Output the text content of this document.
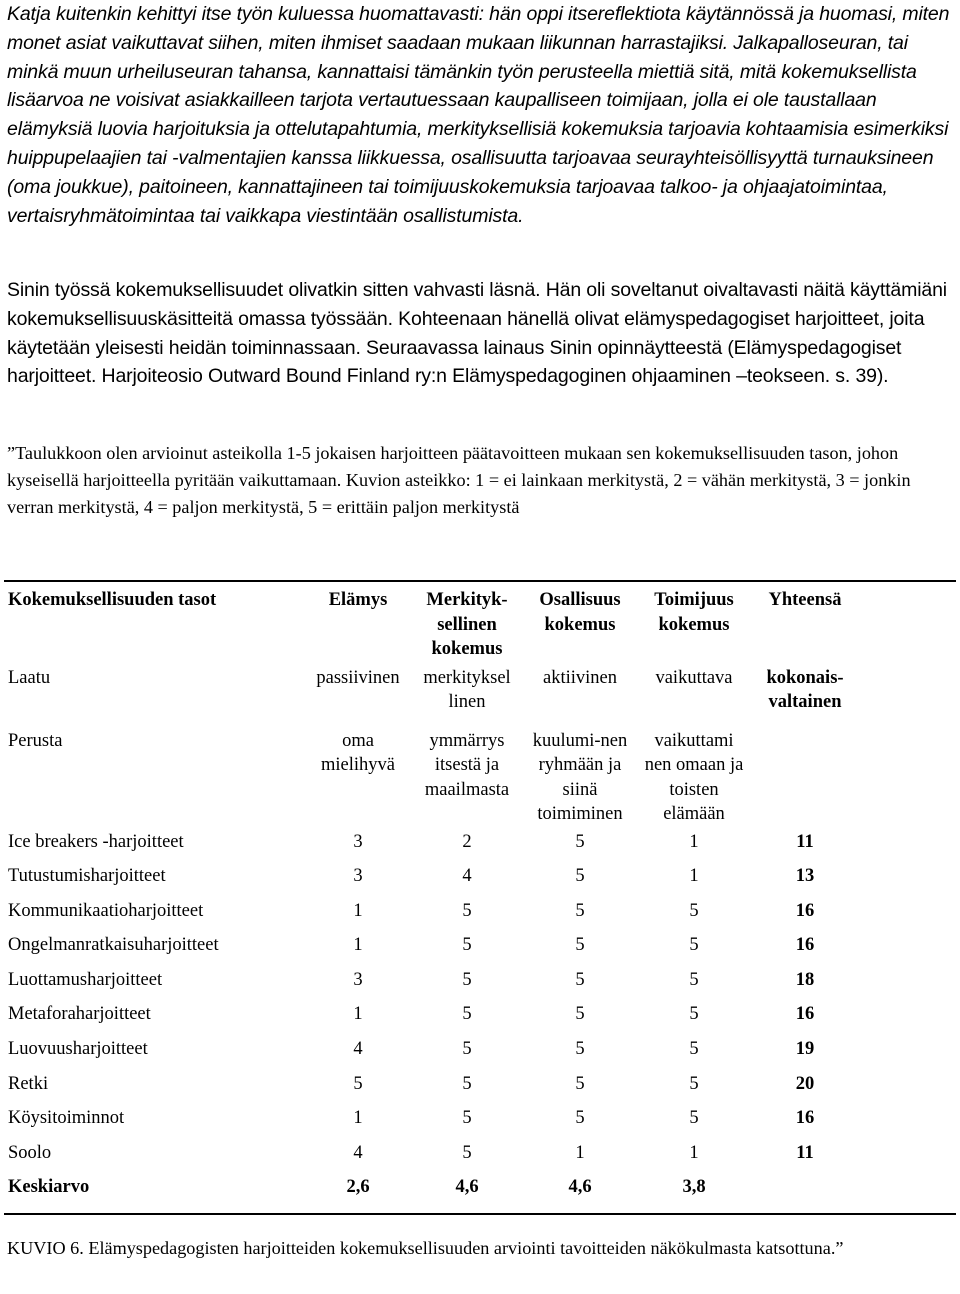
Katja kuitenkin kehittyi itse työn kuluessa huomattavasti: hän oppi itsereflektiota käytännössä ja huomasi, miten monet asiat vaikuttavat siihen, miten ihmiset saadaan mukaan liikunnan harrastajiksi. Jalkapalloseuran, tai minkä muun urheiluseuran tahansa, kannattaisi tämänkin työn perusteella miettiä sitä, mitä kokemuksellista lisäarvoa ne voisivat asiakkailleen tarjota vertautuessaan kaupalliseen toimijaan, jolla ei ole taustallaan elämyksiä luovia harjoituksia ja ottelutapahtumia, merkityksellisiä kokemuksia tarjoavia kohtaamisia esimerkiksi huippupelaajien tai -valmentajien kanssa liikkuessa, osallisuutta tarjoavaa seurayhteisöllisyyttä turnauksineen (oma joukkue), paitoineen, kannattajineen tai toimijuuskokemuksia tarjoavaa talkoo- ja ohjaajatoimintaa, vertaisryhmätoimintaa tai vaikkapa viestintään osallistumista.

Sinin työssä kokemuksellisuudet olivatkin sitten vahvasti läsnä. Hän oli soveltanut oivaltavasti näitä käyttämiäni kokemuksellisuuskäsitteitä omassa työssään. Kohteenaan hänellä olivat elämyspedagogiset harjoitteet, joita käytetään yleisesti heidän toiminnassaan. Seuraavassa lainaus Sinin opinnäytteestä (Elämyspedagogiset harjoitteet. Harjoiteosio Outward Bound Finland ry:n Elämyspedagoginen ohjaaminen –teokseen. s. 39).

”Taulukkoon olen arvioinut asteikolla 1-5 jokaisen harjoitteen päätavoitteen mukaan sen kokemuksellisuuden tason, johon kyseisellä harjoitteella pyritään vaikuttamaan. Kuvion asteikko: 1 = ei lainkaan merkitystä, 2 = vähän merkitystä, 3 = jonkin verran merkitystä, 4 = paljon merkitystä, 5 = erittäin paljon merkitystä

Kokemuksellisuuden tasot	Elämys	Merkityk-sellinen kokemus	Osallisuus kokemus	Toimijuus kokemus	Yhteensä	
Laatu	passiivinen	merkityksel linen	aktiivinen	vaikuttava	kokonais-valtainen	
Perusta	oma mielihyvä	ymmärrys itsestä ja maailmasta	kuulumi-nen ryhmään ja siinä toimiminen	vaikuttami nen omaan ja toisten elämään		
Ice breakers -harjoitteet	3	2	5	1	11	
Tutustumisharjoitteet	3	4	5	1	13	
Kommunikaatioharjoitteet	1	5	5	5	16	
Ongelmanratkaisuharjoitteet	1	5	5	5	16	
Luottamusharjoitteet	3	5	5	5	18	
Metaforaharjoitteet	1	5	5	5	16	
Luovuusharjoitteet	4	5	5	5	19	
Retki	5	5	5	5	20	
Köysitoiminnot	1	5	5	5	16	
Soolo	4	5	1	1	11	
Keskiarvo	2,6	4,6	4,6	3,8		

KUVIO 6. Elämyspedagogisten harjoitteiden kokemuksellisuuden arviointi tavoitteiden näkökulmasta katsottuna.”
